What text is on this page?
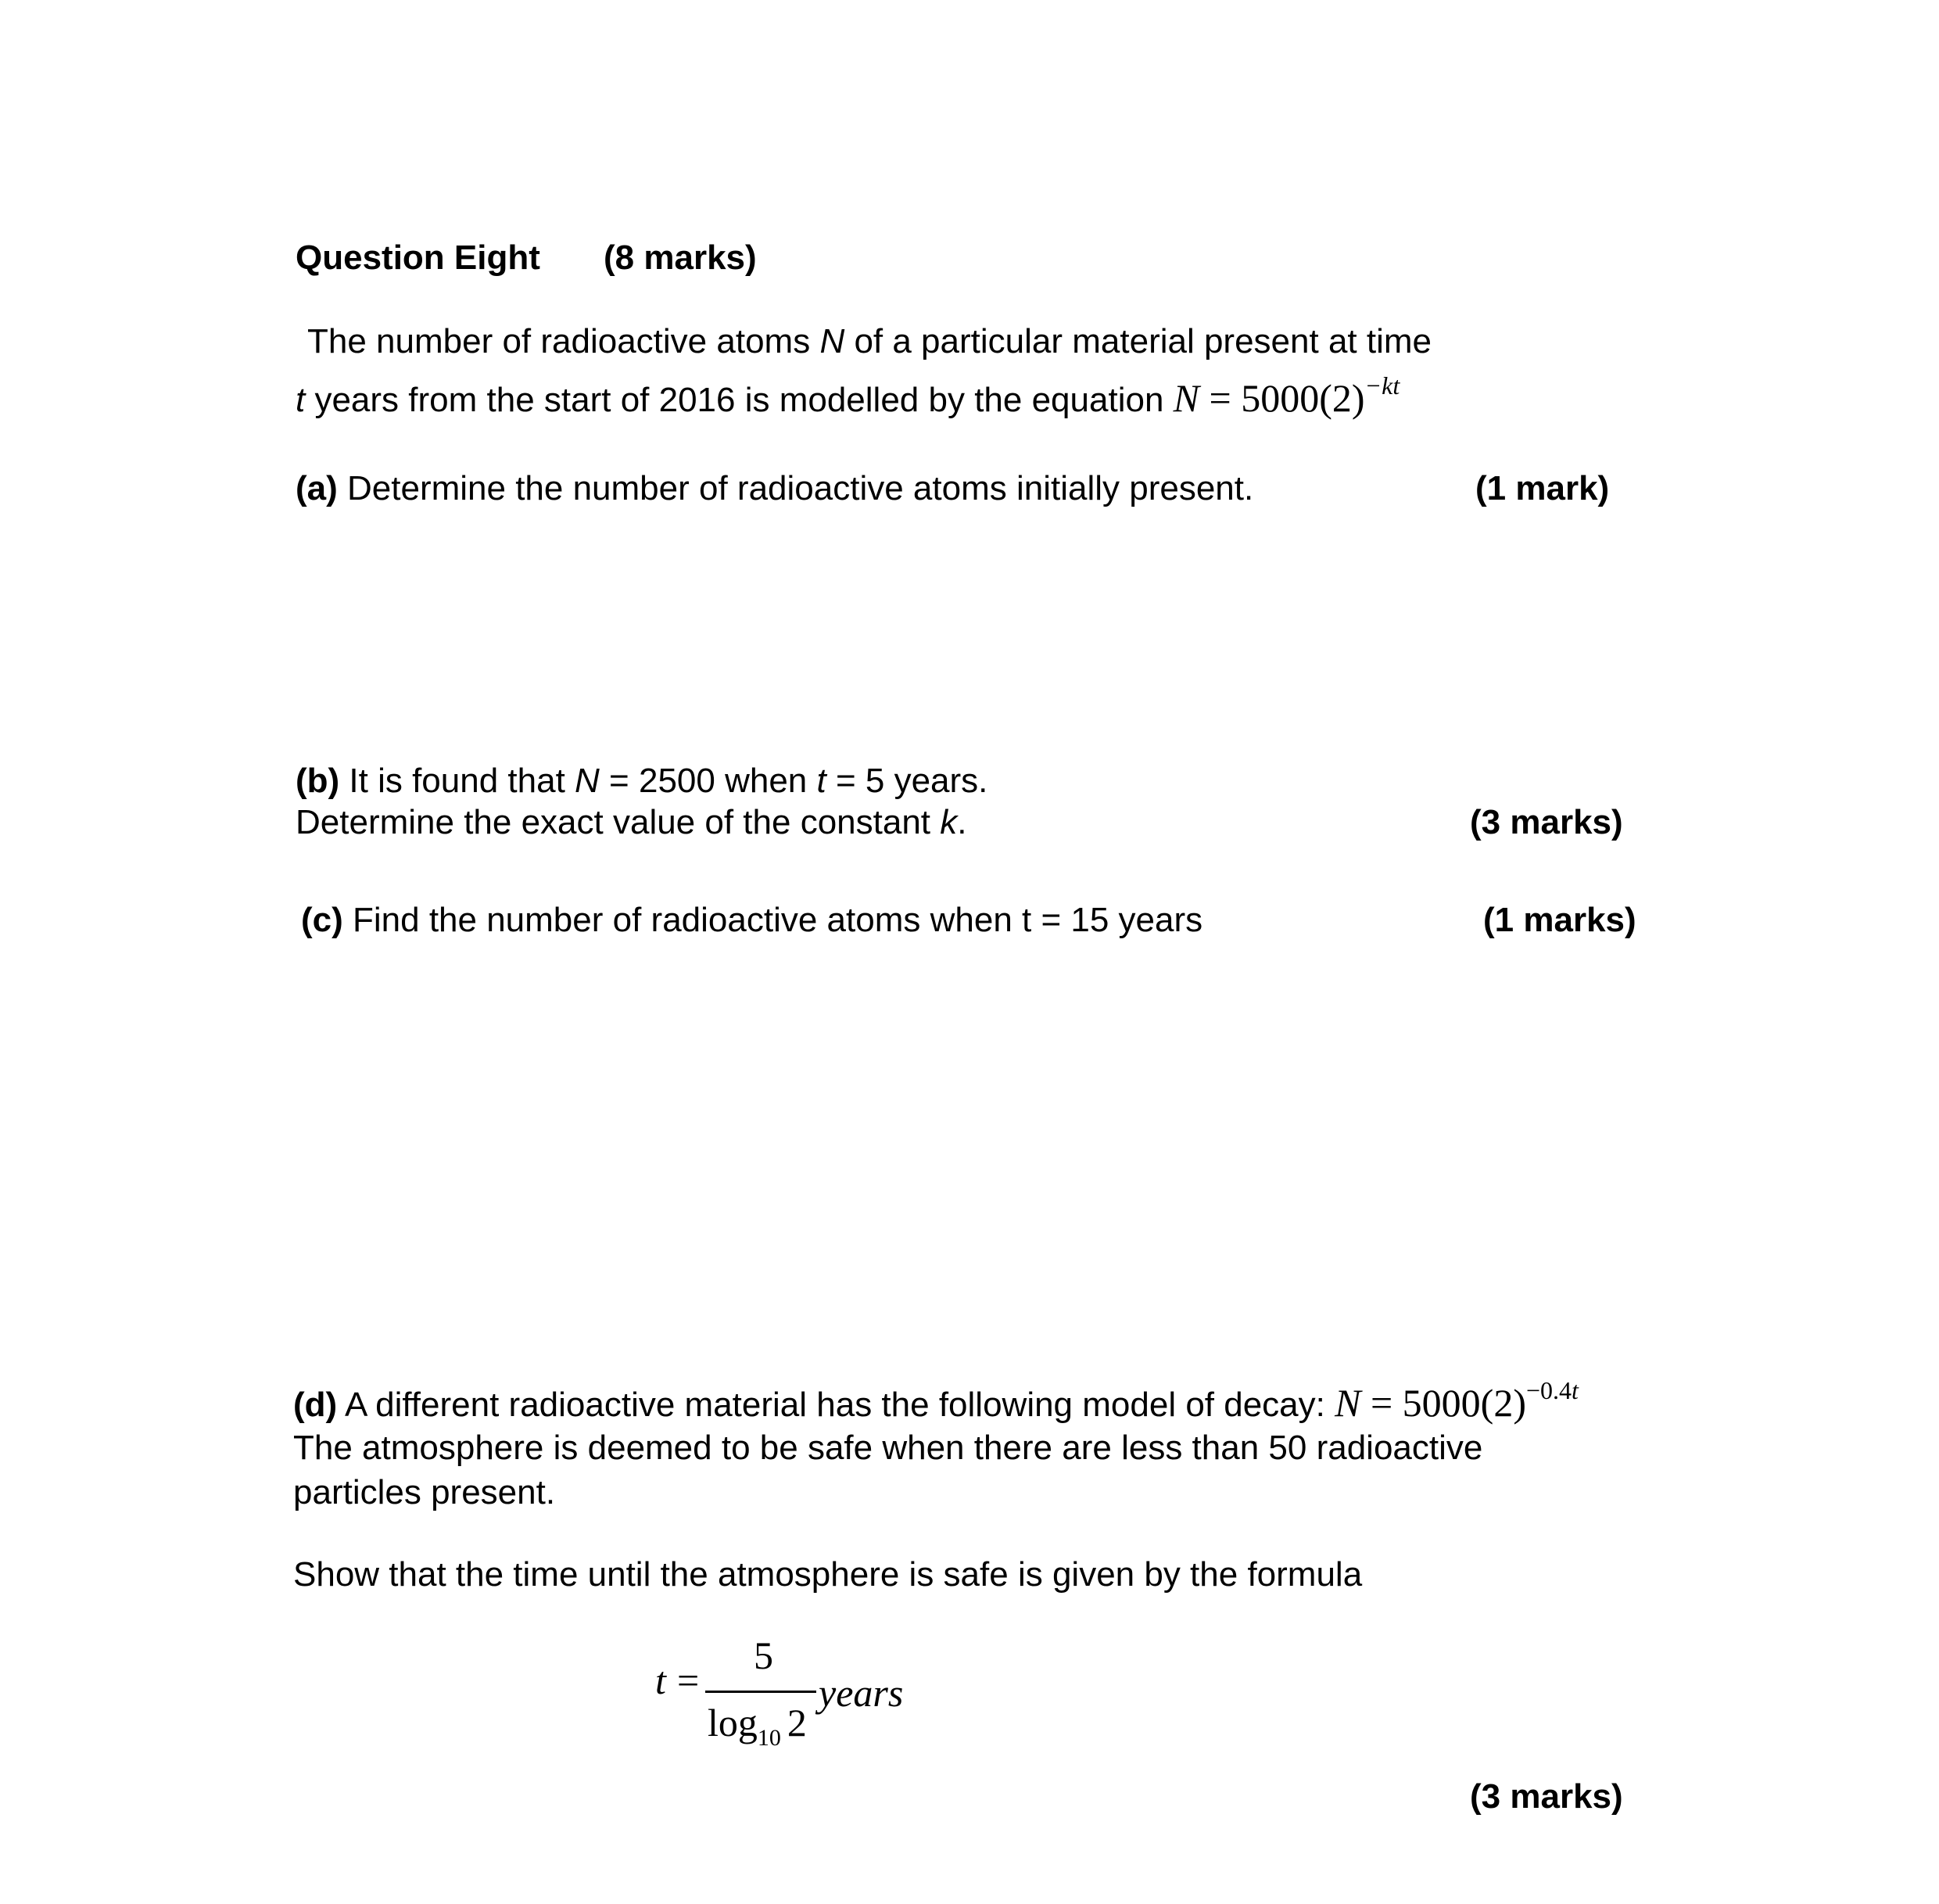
Question Eight (8 marks)
The number of radioactive atoms N of a particular material present at time
t years from the start of 2016 is modelled by the equation $N = 5000(2)^{-kt}$
(a) Determine the number of radioactive atoms initially present.	(1 mark)
(b) It is found that N = 2500 when t = 5 years.
Determine the exact value of the constant k.	(3 marks)
(c) Find the number of radioactive atoms when t = 15 years	(1 marks)
(d) A different radioactive material has the following model of decay: $N = 5000(2)^{-0.4t}$
The atmosphere is deemed to be safe when there are less than 50 radioactive
particles present.
Show that the time until the atmosphere is safe is given by the formula
t =
5
$\log_{10} 2$
years
(3 marks)
